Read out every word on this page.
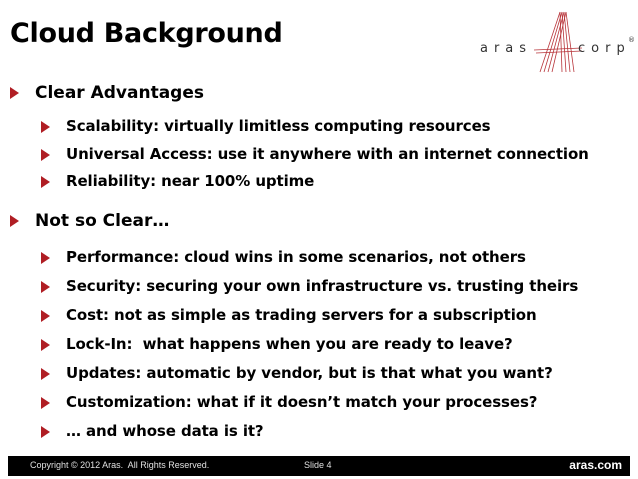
Cloud Background	aras	corp
®
Clear Advantages
Scalability: virtually limitless computing resources
Universal Access: use it anywhere with an internet connection
Reliability: near 100% uptime
Not so Clear…
Performance: cloud wins in some scenarios, not others
Security: securing your own infrastructure vs. trusting theirs
Cost: not as simple as trading servers for a subscription
Lock-In:  what happens when you are ready to leave?
Updates: automatic by vendor, but is that what you want?
Customization: what if it doesn’t match your processes?
… and whose data is it?
Copyright © 2012 Aras.  All Rights Reserved.	Slide 4	aras.com
